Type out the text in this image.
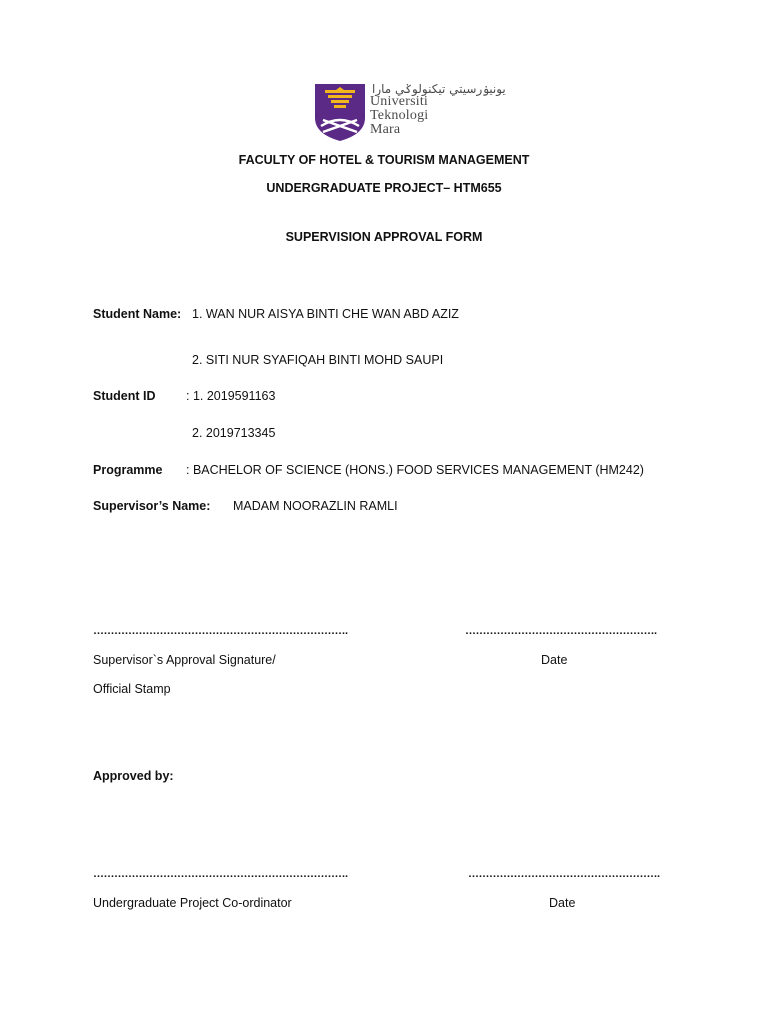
يونيۏرسيتي تيكنولوݢي مارا
Universiti
Teknologi
Mara
FACULTY OF HOTEL & TOURISM MANAGEMENT
UNDERGRADUATE PROJECT– HTM655
SUPERVISION APPROVAL FORM
Student Name: 1. WAN NUR AISYA BINTI CHE WAN ABD AZIZ
2. SITI NUR SYAFIQAH BINTI MOHD SAUPI
Student ID : 1. 2019591163
2. 2019713345
Programme : BACHELOR OF SCIENCE (HONS.) FOOD SERVICES MANAGEMENT (HM242)
Supervisor’s Name: MADAM NOORAZLIN RAMLI
……………………………………………………………….	……………………………………………….
Supervisor`s Approval Signature/	Date
Official Stamp
Approved by:
……………………………………………………………….	……………………………………………….
Undergraduate Project Co-ordinator	Date
